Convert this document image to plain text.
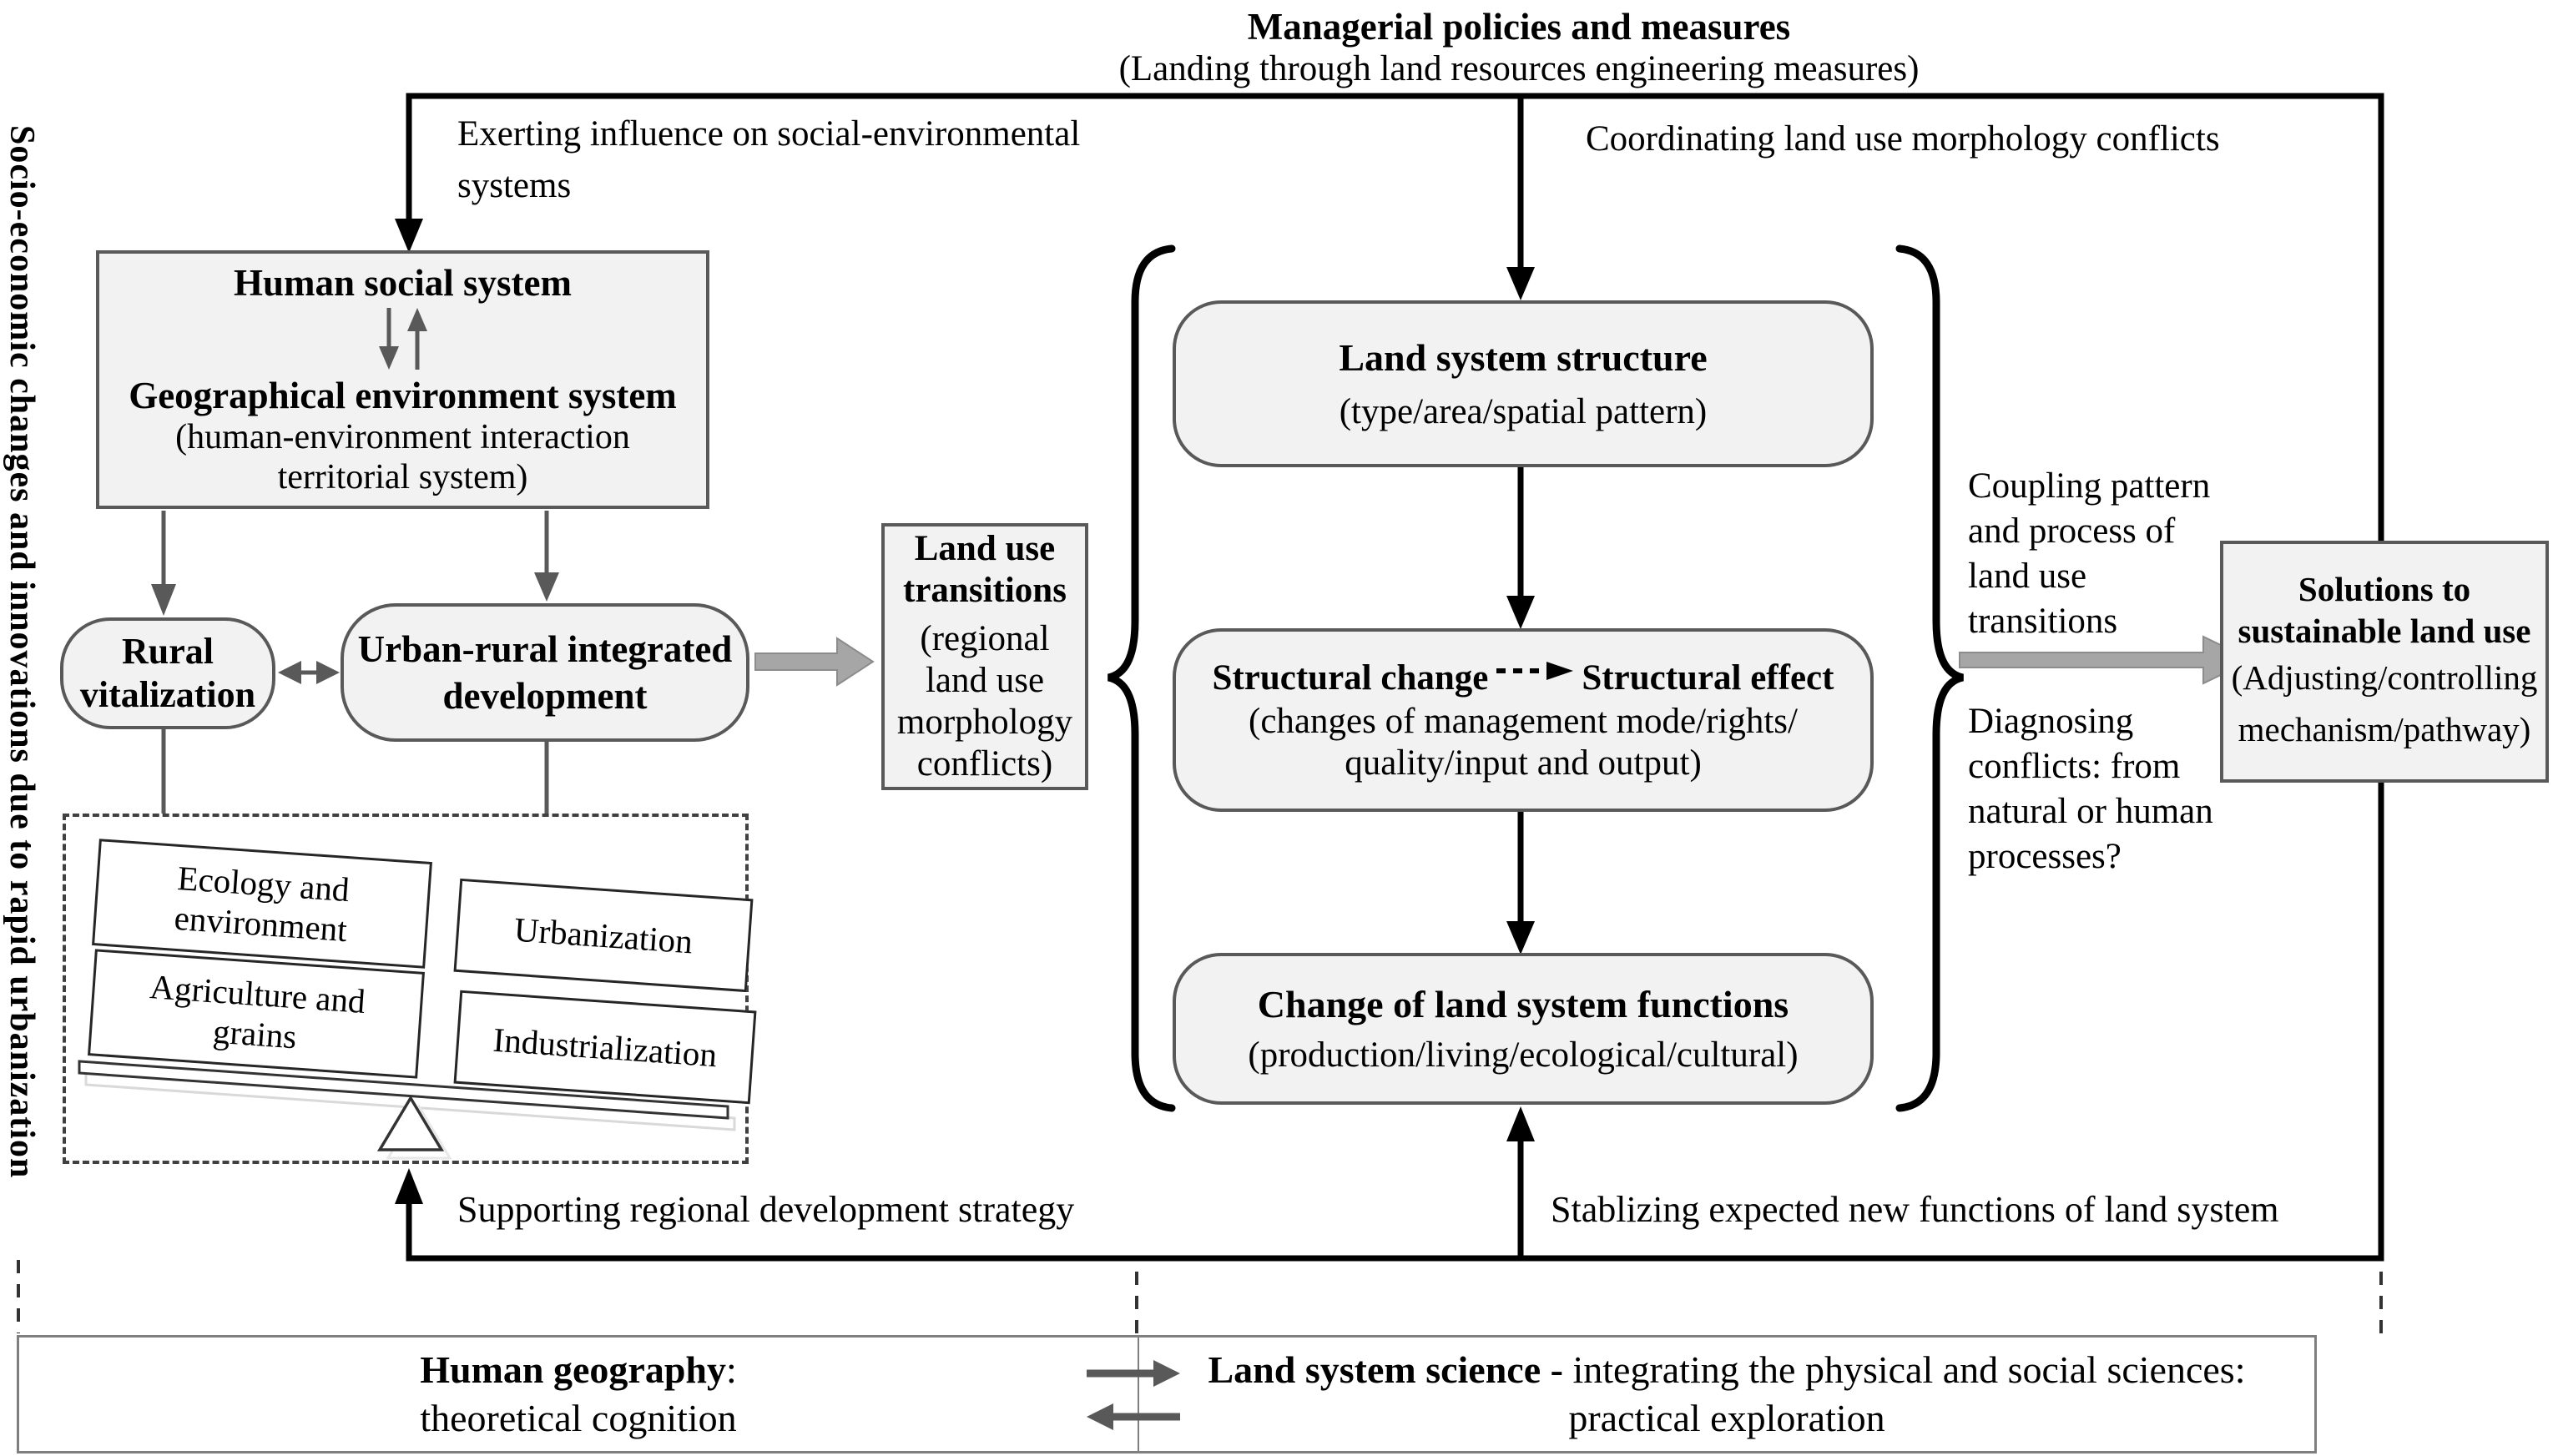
Socio-economic changes and innovations due to rapid urbanization
Managerial policies and measures
(Landing through land resources engineering measures)
Exerting influence on social-environmental systems
Coordinating land use morphology conflicts
Human social system
Geographical environment system
(human-environment interaction
territorial system)
Rural
vitalization
Urban-rural integrated
development
Ecology and
environment	Urbanization
Agriculture and
grains	Industrialization
Land use
transitions
(regional
land use
morphology
conflicts)
Land system structure
(type/area/spatial pattern)
Structural change	Structural effect
(changes of management mode/rights/
quality/input and output)
Change of land system functions
(production/living/ecological/cultural)
Coupling pattern
and process of
land use
transitions
Diagnosing
conflicts: from
natural or human
processes?
Solutions to
sustainable land use
(Adjusting/controlling
mechanism/pathway)
Supporting regional development strategy	Stablizing expected new functions of land system
Human geography:
theoretical cognition
Land system science - integrating the physical and social sciences:
practical exploration
